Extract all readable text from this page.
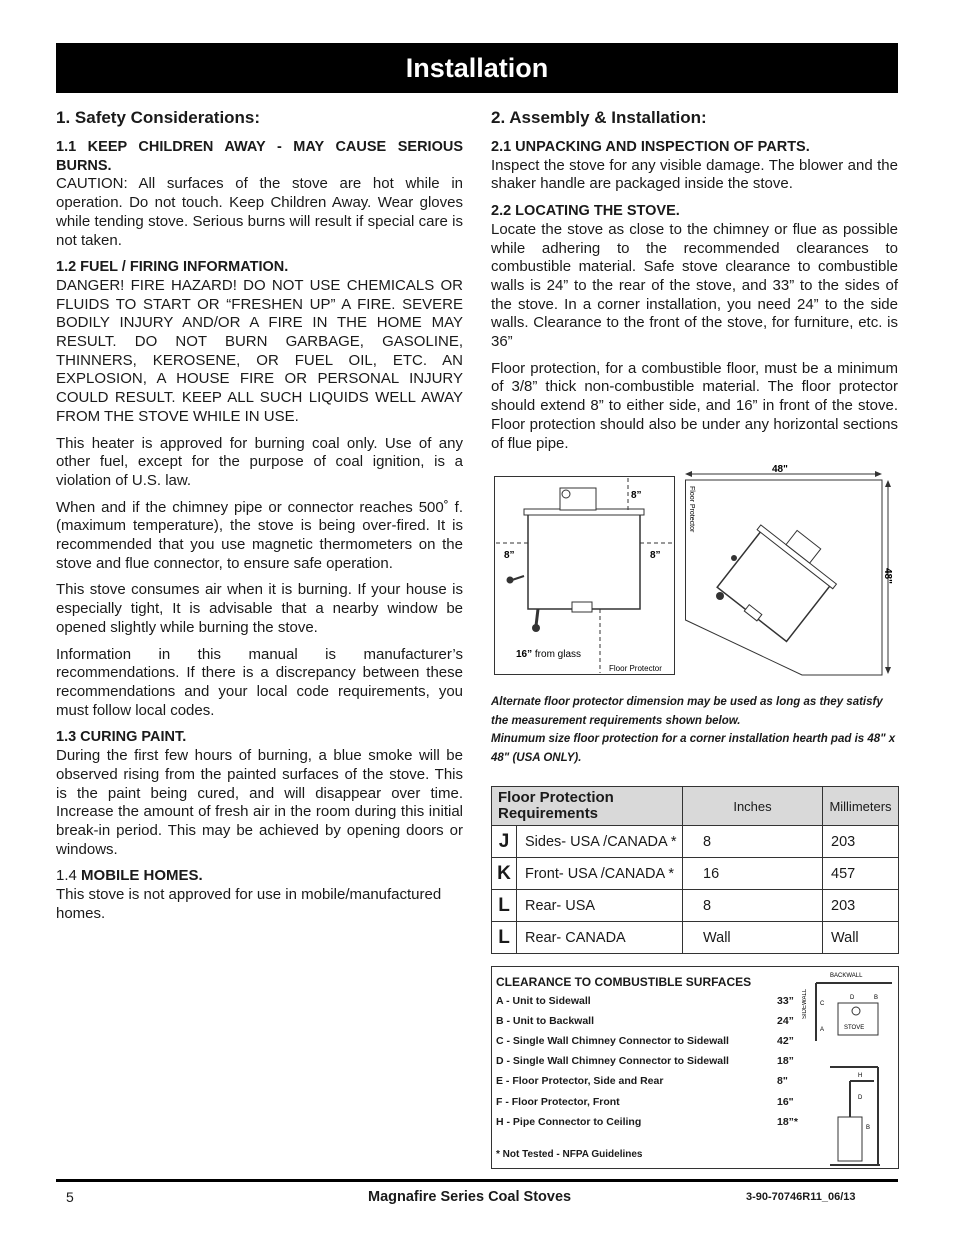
Installation
1. Safety Considerations:

1.1 KEEP CHILDREN AWAY - MAY CAUSE SERIOUS BURNS.

CAUTION: All surfaces of the stove are hot while in operation. Do not touch. Keep Children Away. Wear gloves while tending stove. Serious burns will result if special care is not taken.

1.2 FUEL / FIRING INFORMATION.

DANGER! FIRE HAZARD! DO NOT USE CHEMICALS OR FLUIDS TO START OR “FRESHEN UP” A FIRE. SEVERE BODILY INJURY AND/OR A FIRE IN THE HOME MAY RESULT. DO NOT BURN GARBAGE, GASOLINE, THINNERS, KEROSENE, OR FUEL OIL, ETC. AN EXPLOSION, A HOUSE FIRE OR PERSONAL INJURY COULD RESULT. KEEP ALL SUCH LIQUIDS WELL AWAY FROM THE STOVE WHILE IN USE.

This heater is approved for burning coal only. Use of any other fuel, except for the purpose of coal ignition, is a violation of U.S. law.

When and if the chimney pipe or connector reaches 500˚ f. (maximum temperature), the stove is being over-fired. It is recommended that you use magnetic thermometers on the stove and flue connector, to ensure safe operation.

This stove consumes air when it is burning. If your house is especially tight, It is advisable that a nearby window be opened slightly while burning the stove.

Information in this manual is manufacturer’s recommendations. If there is a discrepancy between these recommendations and your local code requirements, you must follow local codes.

1.3 CURING PAINT.

During the first few hours of burning, a blue smoke will be observed rising from the painted surfaces of the stove. This is the paint being cured, and will disappear over time. Increase the amount of fresh air in the room during this initial break-in period. This may be achieved by opening doors or windows.

1.4 MOBILE HOMES.

This stove is not approved for use in mobile/manufactured homes.

2. Assembly & Installation:

2.1 UNPACKING AND INSPECTION OF PARTS.

Inspect the stove for any visible damage. The blower and the shaker handle are packaged inside the stove.

2.2 LOCATING THE STOVE.

Locate the stove as close to the chimney or flue as possible while adhering to the recommended clearances to combustible material. Safe stove clearance to combustible walls is 24” to the rear of the stove, and 33” to the sides of the stove. In a corner installation, you need 24” to the side walls. Clearance to the front of the stove, for furniture, etc. is 36”

Floor protection, for a combustible floor, must be a minimum of 3/8” thick non-combustible material. The floor protector should extend 8” to either side, and 16” in front of the stove. Floor protection should also be under any horizontal sections of flue pipe.

8”
8”	8”
16” from glass
Floor Protector
48"
48"
Floor Protector

Alternate floor protector dimension may be used as long as they satisfy the measurement requirements shown below.

Minumum size floor protection for a corner installation hearth pad is 48" x 48" (USA ONLY).

Floor Protection Requirements		Inches	Millimeters
J	Sides- USA /CANADA *	8	203
K	Front- USA /CANADA *	16	457
L	Rear- USA	8	203
L	Rear- CANADA	Wall	Wall
CLEARANCE TO COMBUSTIBLE SURFACES
A - Unit to Sidewall	33”
B - Unit to Backwall	24”
C - Single Wall Chimney Connector to Sidewall	42”
D - Single Wall Chimney Connector to Sidewall	18”
E - Floor Protector, Side and Rear	8"
F - Floor Protector, Front	16"
H - Pipe Connector to Ceiling	18”*
* Not Tested - NFPA Guidelines
BACKWALL
SIDEWALL
STOVE
C
A
D	B
H
D
B
5	Magnafire Series Coal Stoves	3-90-70746R11_06/13
